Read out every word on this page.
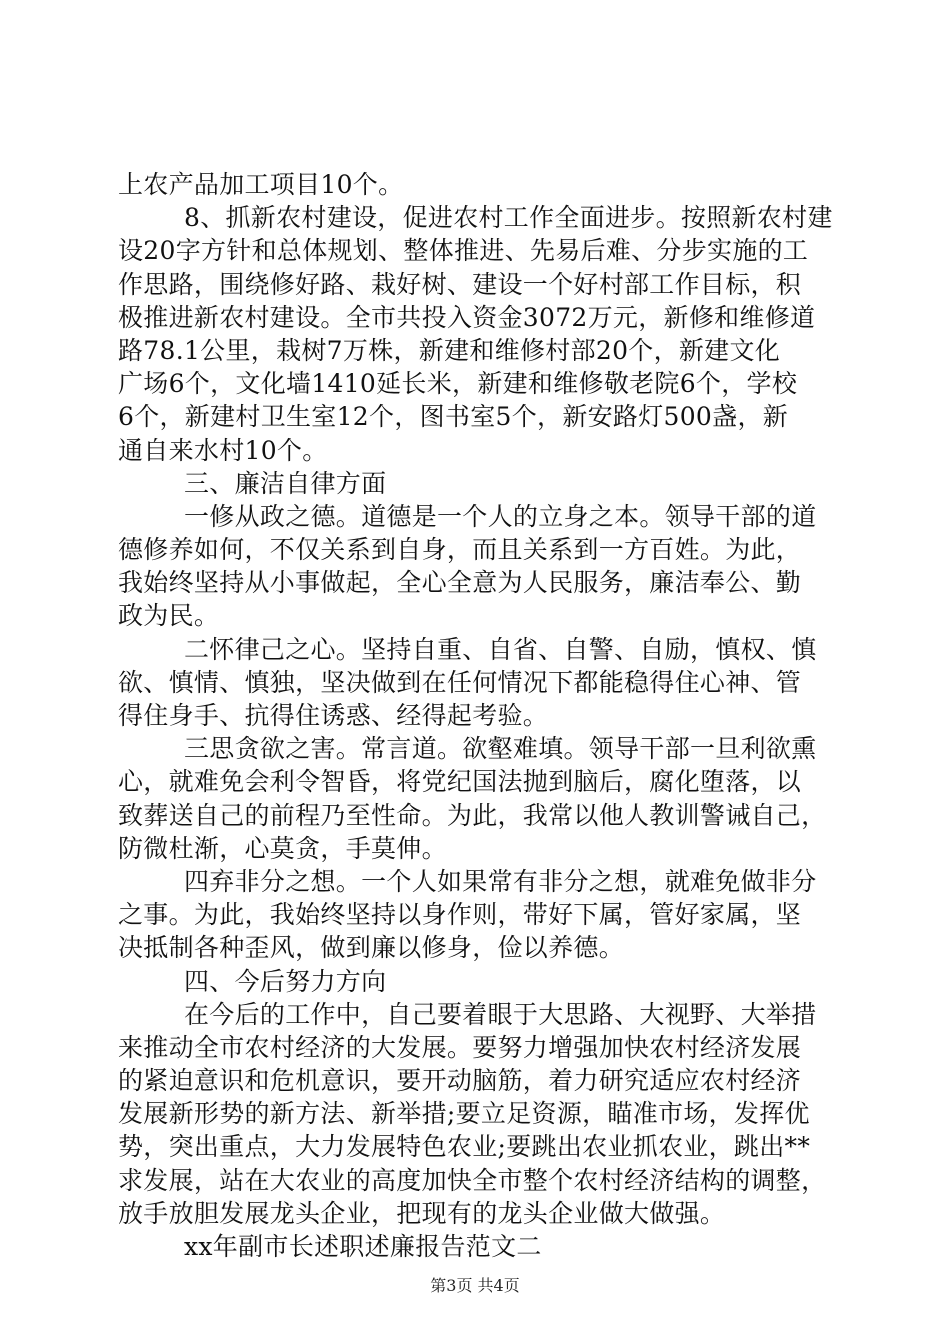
上农产品加工项目10个。
8、抓新农村建设，促进农村工作全面进步。按照新农村建
设20字方针和总体规划、整体推进、先易后难、分步实施的工
作思路，围绕修好路、栽好树、建设一个好村部工作目标，积
极推进新农村建设。全市共投入资金3072万元，新修和维修道
路78.1公里，栽树7万株，新建和维修村部20个，新建文化
广场6个，文化墙1410延长米，新建和维修敬老院6个，学校
6个，新建村卫生室12个，图书室5个，新安路灯500盏，新
通自来水村10个。
三、廉洁自律方面
一修从政之德。道德是一个人的立身之本。领导干部的道
德修养如何，不仅关系到自身，而且关系到一方百姓。为此，
我始终坚持从小事做起，全心全意为人民服务，廉洁奉公、勤
政为民。
二怀律己之心。坚持自重、自省、自警、自励，慎权、慎
欲、慎情、慎独，坚决做到在任何情况下都能稳得住心神、管
得住身手、抗得住诱惑、经得起考验。
三思贪欲之害。常言道。欲壑难填。领导干部一旦利欲熏
心，就难免会利令智昏，将党纪国法抛到脑后，腐化堕落，以
致葬送自己的前程乃至性命。为此，我常以他人教训警诫自己，
防微杜渐，心莫贪，手莫伸。
四弃非分之想。一个人如果常有非分之想，就难免做非分
之事。为此，我始终坚持以身作则，带好下属，管好家属，坚
决抵制各种歪风，做到廉以修身，俭以养德。
四、今后努力方向
在今后的工作中，自己要着眼于大思路、大视野、大举措
来推动全市农村经济的大发展。要努力增强加快农村经济发展
的紧迫意识和危机意识，要开动脑筋，着力研究适应农村经济
发展新形势的新方法、新举措;要立足资源，瞄准市场，发挥优
势，突出重点，大力发展特色农业;要跳出农业抓农业，跳出**
求发展，站在大农业的高度加快全市整个农村经济结构的调整，
放手放胆发展龙头企业，把现有的龙头企业做大做强。
xx年副市长述职述廉报告范文二
第3页 共4页
